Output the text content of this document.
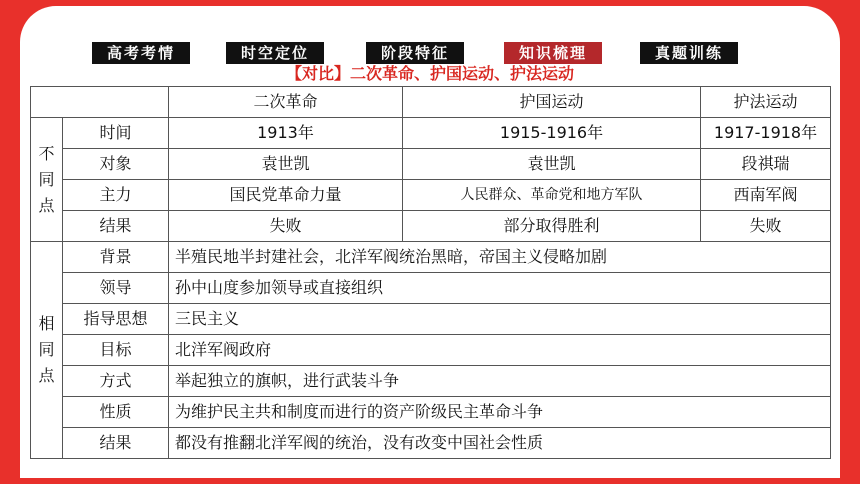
高考考情	时空定位	阶段特征	知识梳理	真题训练
【对比】二次革命、护国运动、护法运动
		二次革命	护国运动	护法运动
不同点	时间	1913年	1915-1916年	1917-1918年
	对象	袁世凯	袁世凯	段祺瑞
	主力	国民党革命力量	人民群众、革命党和地方军队	西南军阀
	结果	失败	部分取得胜利	失败
相同点	背景	半殖民地半封建社会，北洋军阀统治黑暗，帝国主义侵略加剧		
	领导	孙中山度参加领导或直接组织		
	指导思想	三民主义		
	目标	北洋军阀政府		
	方式	举起独立的旗帜，进行武装斗争		
	性质	为维护民主共和制度而进行的资产阶级民主革命斗争		
	结果	都没有推翻北洋军阀的统治，没有改变中国社会性质		
